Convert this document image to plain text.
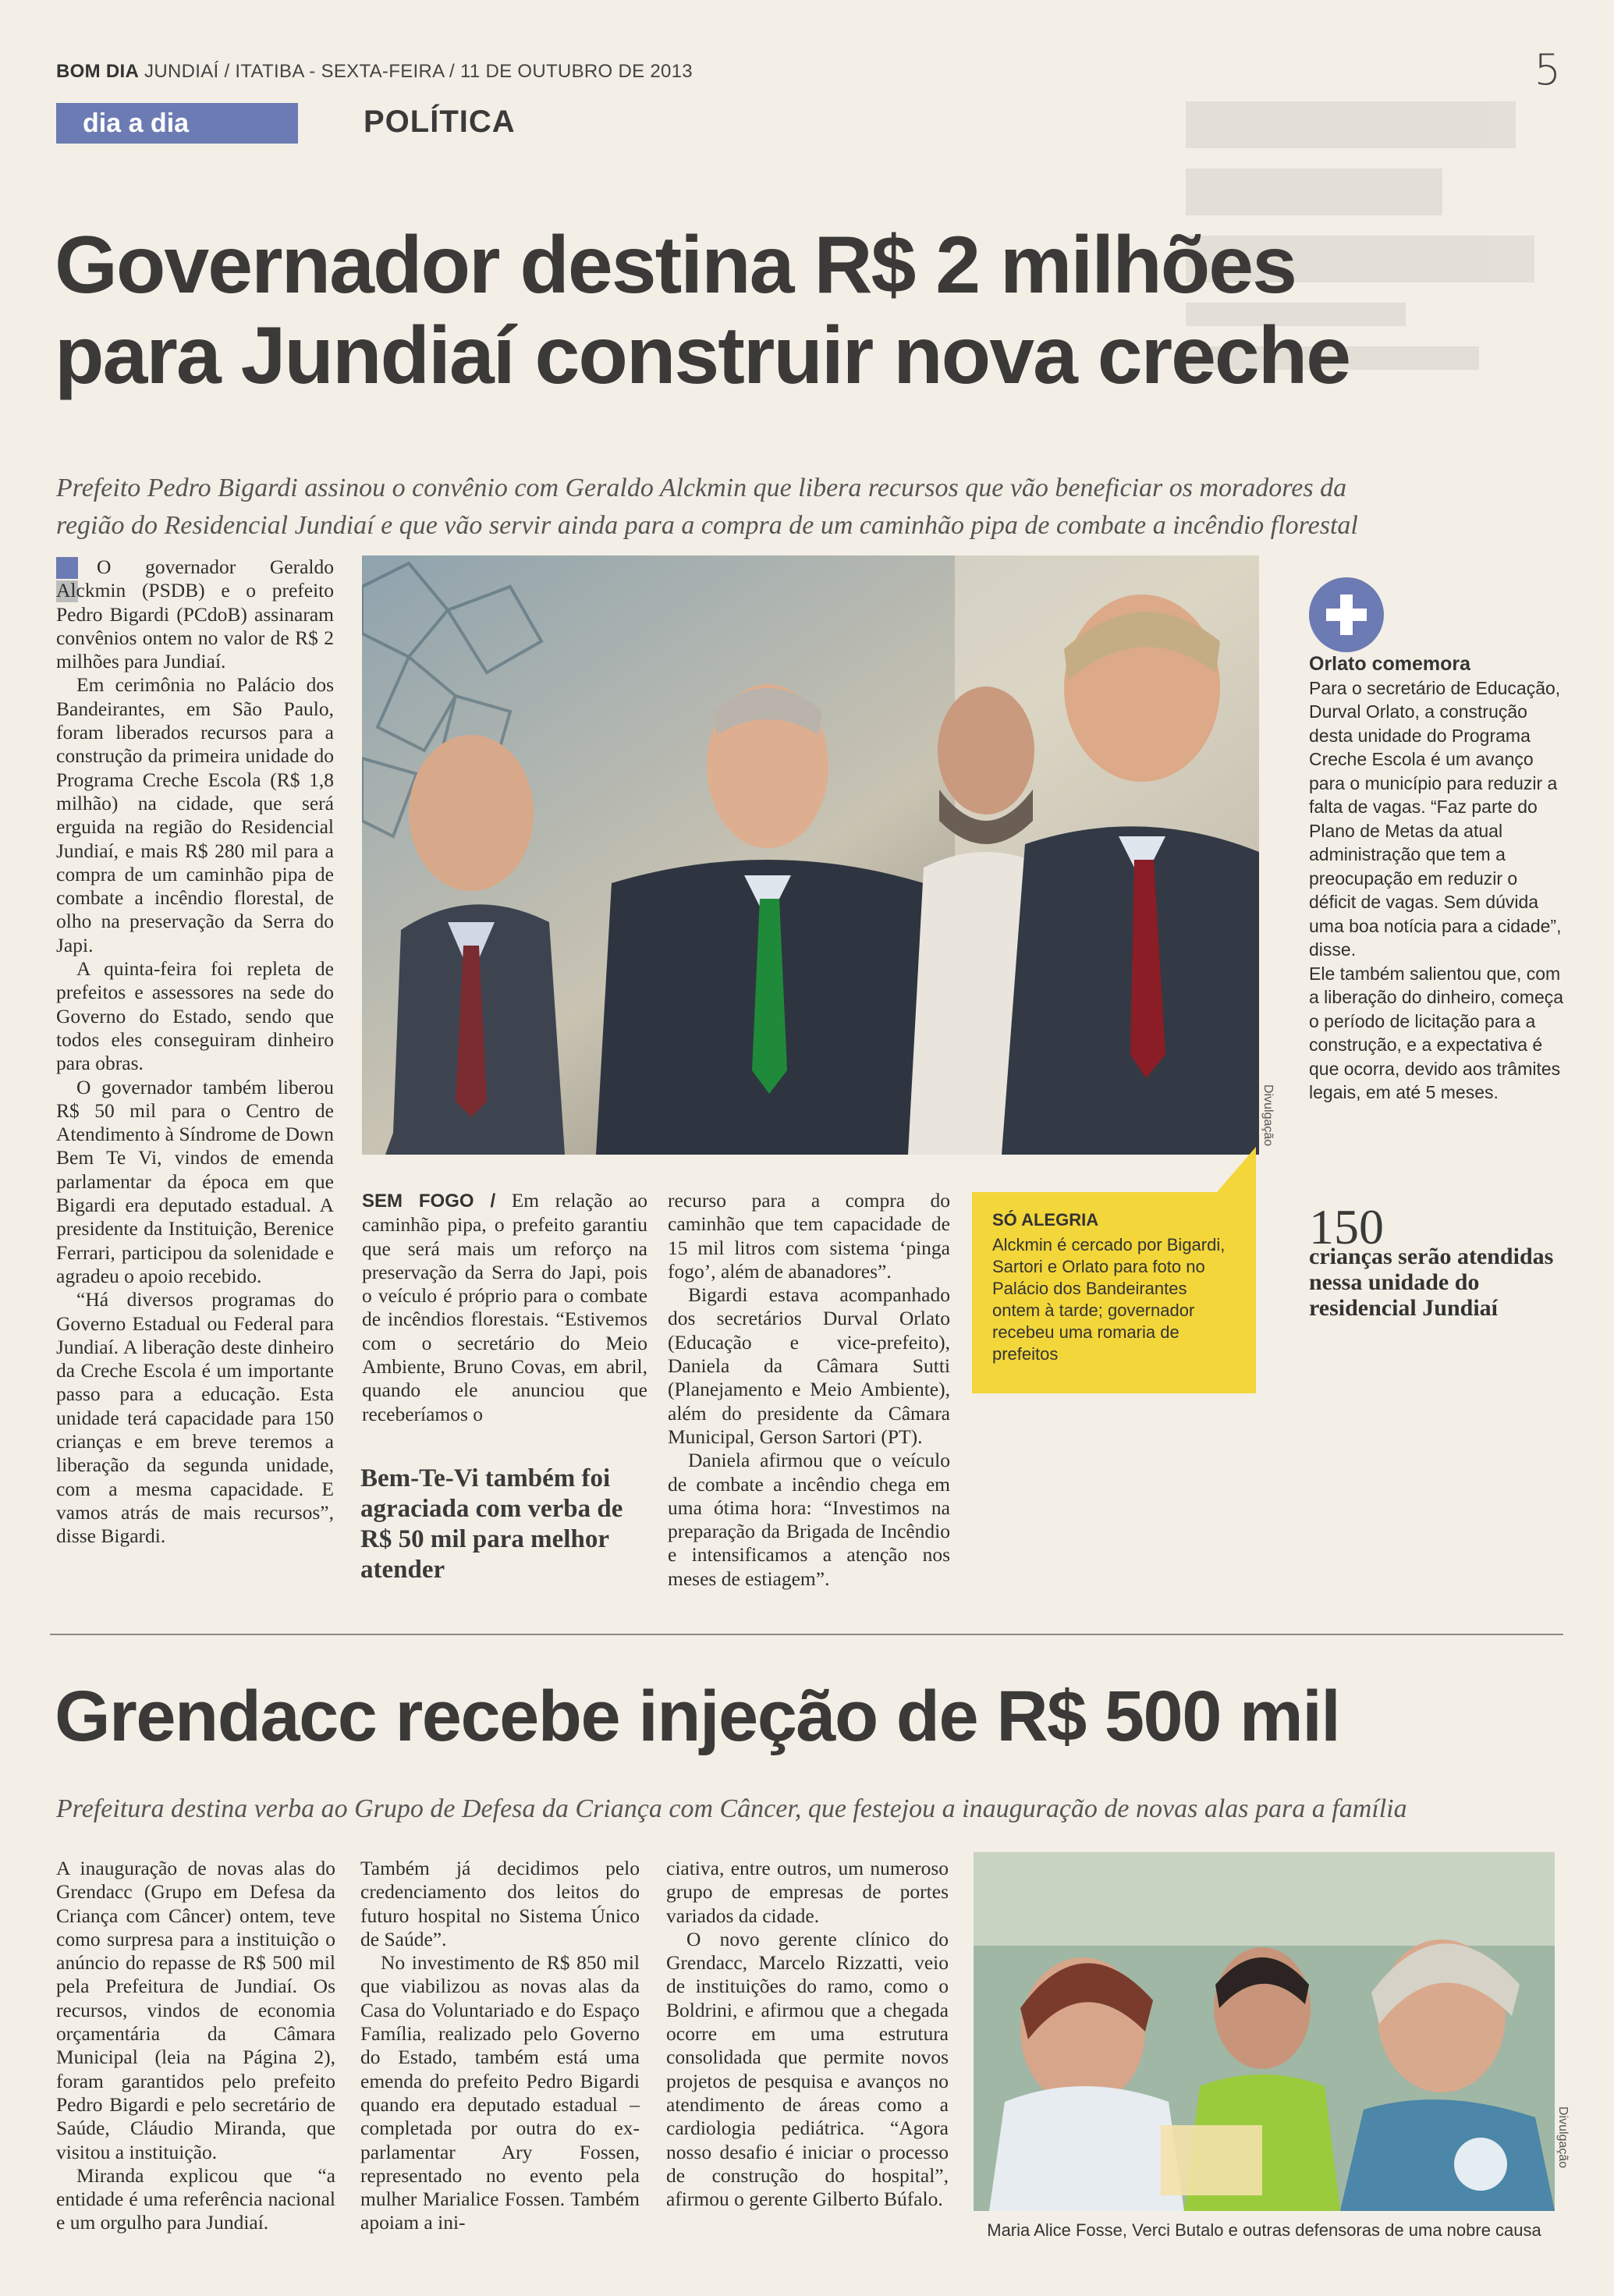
BOM DIA JUNDIAÍ / ITATIBA - SEXTA-FEIRA / 11 DE OUTUBRO DE 2013	5
dia a dia	POLÍTICA
Governador destina R$ 2 milhões
para Jundiaí construir nova creche
Prefeito Pedro Bigardi assinou o convênio com Geraldo Alckmin que libera recursos que vão beneficiar os moradores da
região do Residencial Jundiaí e que vão servir ainda para a compra de um caminhão pipa de combate a incêndio florestal

O governador Geraldo Alckmin (PSDB) e o prefeito Pedro Bigardi (PCdoB) assinaram convênios ontem no valor de R$ 2 milhões para Jundiaí.

Em cerimônia no Palácio dos Bandeirantes, em São Paulo, foram liberados recursos para a construção da primeira unidade do Programa Creche Escola (R$ 1,8 milhão) na cidade, que será erguida na região do Residencial Jundiaí, e mais R$ 280 mil para a compra de um caminhão pipa de combate a incêndio florestal, de olho na preservação da Serra do Japi.

A quinta-feira foi repleta de prefeitos e assessores na sede do Governo do Estado, sendo que todos eles conseguiram dinheiro para obras.

O governador também liberou R$ 50 mil para o Centro de Atendimento à Síndrome de Down Bem Te Vi, vindos de emenda parlamentar da época em que Bigardi era deputado estadual. A presidente da Instituição, Berenice Ferrari, participou da solenidade e agradeu o apoio recebido.

“Há diversos programas do Governo Estadual ou Federal para Jundiaí. A liberação deste dinheiro da Creche Escola é um importante passo para a educação. Esta unidade terá capacidade para 150 crianças e em breve teremos a liberação da segunda unidade, com a mesma capacidade. E vamos atrás de mais recursos”, disse Bigardi.

Divulgação

SEM FOGO / Em relação ao caminhão pipa, o prefeito garantiu que será mais um reforço na preservação da Serra do Japi, pois o veículo é próprio para o combate de incêndios florestais. “Estivemos com o secretário do Meio Ambiente, Bruno Covas, em abril, quando ele anunciou que receberíamos o

Bem-Te-Vi também foi agraciada com verba de R$ 50 mil para melhor atender

recurso para a compra do caminhão que tem capacidade de 15 mil litros com sistema ‘pinga fogo’, além de abanadores”.

Bigardi estava acompanhado dos secretários Durval Orlato (Educação e vice-prefeito), Daniela da Câmara Sutti (Planejamento e Meio Ambiente), além do presidente da Câmara Municipal, Gerson Sartori (PT).

Daniela afirmou que o veículo de combate a incêndio chega em uma ótima hora: “Investimos na preparação da Brigada de Incêndio e intensificamos a atenção nos meses de estiagem”.

SÓ ALEGRIA
Alckmin é cercado por Bigardi, Sartori e Orlato para foto no Palácio dos Bandeirantes ontem à tarde; governador recebeu uma romaria de prefeitos
Orlato comemora
Para o secretário de Educação, Durval Orlato, a construção desta unidade do Programa Creche Escola é um avanço para o município para reduzir a falta de vagas. “Faz parte do Plano de Metas da atual administração que tem a preocupação em reduzir o déficit de vagas. Sem dúvida uma boa notícia para a cidade”, disse.
Ele também salientou que, com a liberação do dinheiro, começa o período de licitação para a construção, e a expectativa é que ocorra, devido aos trâmites legais, em até 5 meses.
150
crianças serão atendidas nessa unidade do residencial Jundiaí
Grendacc recebe injeção de R$ 500 mil
Prefeitura destina verba ao Grupo de Defesa da Criança com Câncer, que festejou a inauguração de novas alas para a família

A inauguração de novas alas do Grendacc (Grupo em Defesa da Criança com Câncer) ontem, teve como surpresa para a instituição o anúncio do repasse de R$ 500 mil pela Prefeitura de Jundiaí. Os recursos, vindos de economia orçamentária da Câmara Municipal (leia na Página 2), foram garantidos pelo prefeito Pedro Bigardi e pelo secretário de Saúde, Cláudio Miranda, que visitou a instituição.

Miranda explicou que “a entidade é uma referência nacional e um orgulho para Jundiaí.

Também já decidimos pelo credenciamento dos leitos do futuro hospital no Sistema Único de Saúde”.

No investimento de R$ 850 mil que viabilizou as novas alas da Casa do Voluntariado e do Espaço Família, realizado pelo Governo do Estado, também está uma emenda do prefeito Pedro Bigardi quando era deputado estadual – completada por outra do ex-parlamentar Ary Fossen, representado no evento pela mulher Marialice Fossen. Também apoiam a ini-

ciativa, entre outros, um numeroso grupo de empresas de portes variados da cidade.

O novo gerente clínico do Grendacc, Marcelo Rizzatti, veio de instituições do ramo, como o Boldrini, e afirmou que a chegada ocorre em uma estrutura consolidada que permite novos projetos de pesquisa e avanços no atendimento de áreas como a cardiologia pediátrica. “Agora nosso desafio é iniciar o processo de construção do hospital”, afirmou o gerente Gilberto Búfalo.

Divulgação
Maria Alice Fosse, Verci Butalo e outras defensoras de uma nobre causa
